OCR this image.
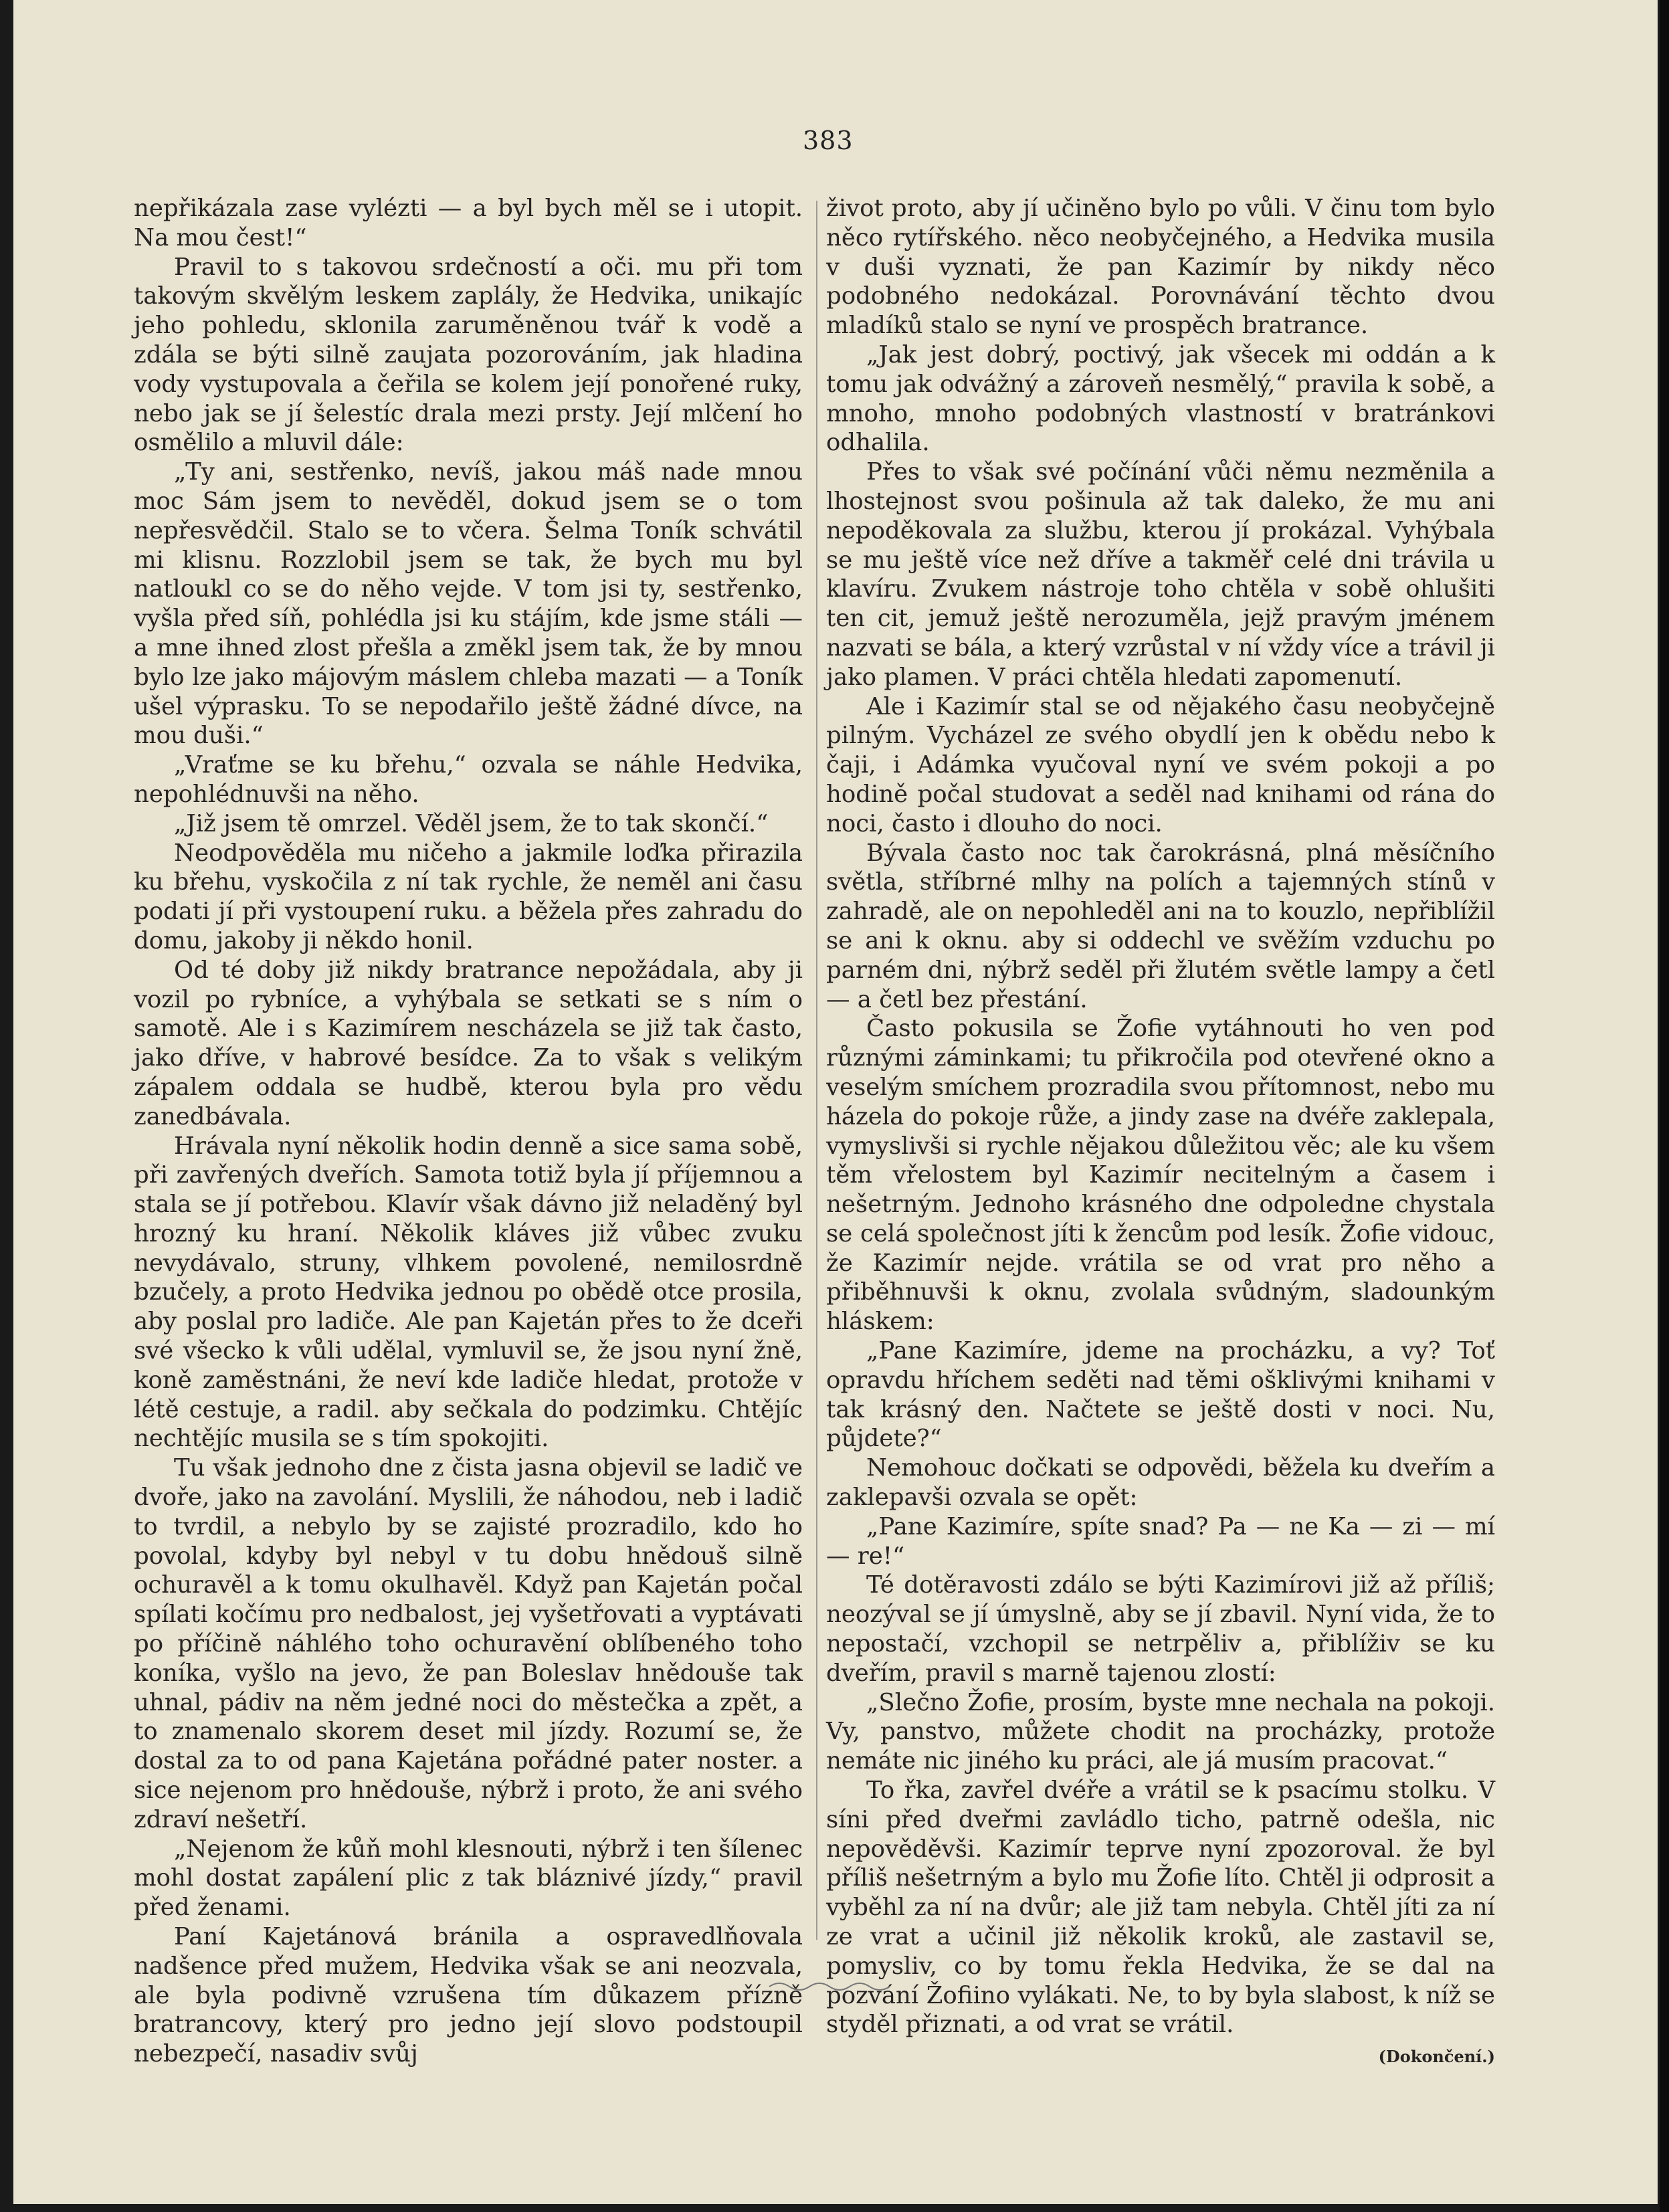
383

nepřikázala zase vylézti — a byl bych měl se i utopit. Na mou čest!“

Pravil to s takovou srdečností a oči. mu při tom takovým skvělým leskem zaplály, že Hedvika, unikajíc jeho pohledu, sklonila zaruměněnou tvář k vodě a zdála se býti silně zaujata pozorováním, jak hladina vody vystupovala a čeřila se kolem její ponořené ruky, nebo jak se jí šelestíc drala mezi prsty. Její mlčení ho osmělilo a mluvil dále:

„Ty ani, sestřenko, nevíš, jakou máš nade mnou moc Sám jsem to nevěděl, dokud jsem se o tom nepřesvědčil. Stalo se to včera. Šelma Toník schvátil mi klisnu. Rozzlobil jsem se tak, že bych mu byl natloukl co se do něho vejde. V tom jsi ty, sestřenko, vyšla před síň, pohlédla jsi ku stájím, kde jsme stáli — a mne ihned zlost přešla a změkl jsem tak, že by mnou bylo lze jako májovým máslem chleba mazati — a Toník ušel výprasku. To se nepodařilo ještě žádné dívce, na mou duši.“

„Vraťme se ku břehu,“ ozvala se náhle Hedvika, nepohlédnuvši na něho.

„Již jsem tě omrzel. Věděl jsem, že to tak skončí.“

Neodpověděla mu ničeho a jakmile loďka přirazila ku břehu, vyskočila z ní tak rychle, že neměl ani času podati jí při vystoupení ruku. a běžela přes zahradu do domu, jakoby ji někdo honil.

Od té doby již nikdy bratrance nepožádala, aby ji vozil po rybníce, a vyhýbala se setkati se s ním o samotě. Ale i s Kazimírem nescházela se již tak často, jako dříve, v habrové besídce. Za to však s velikým zápalem oddala se hudbě, kterou byla pro vědu zanedbávala.

Hrávala nyní několik hodin denně a sice sama sobě, při zavřených dveřích. Samota totiž byla jí příjemnou a stala se jí potřebou. Klavír však dávno již neladěný byl hrozný ku hraní. Několik kláves již vůbec zvuku nevydávalo, struny, vlhkem povolené, nemilosrdně bzučely, a proto Hedvika jednou po obědě otce prosila, aby poslal pro ladiče. Ale pan Kajetán přes to že dceři své všecko k vůli udělal, vymluvil se, že jsou nyní žně, koně zaměstnáni, že neví kde ladiče hledat, protože v létě cestuje, a radil. aby sečkala do podzimku. Chtějíc nechtějíc musila se s tím spokojiti.

Tu však jednoho dne z čista jasna objevil se ladič ve dvoře, jako na zavolání. Myslili, že náhodou, neb i ladič to tvrdil, a nebylo by se zajisté prozradilo, kdo ho povolal, kdyby byl nebyl v tu dobu hnědouš silně ochuravěl a k tomu okulhavěl. Když pan Kajetán počal spílati kočímu pro nedbalost, jej vyšetřovati a vyptávati po příčině náhlého toho ochuravění oblíbeného toho koníka, vyšlo na jevo, že pan Boleslav hnědouše tak uhnal, pádiv na něm jedné noci do městečka a zpět, a to znamenalo skorem deset mil jízdy. Rozumí se, že dostal za to od pana Kajetána pořádné pater noster. a sice nejenom pro hnědouše, nýbrž i proto, že ani svého zdraví nešetří.

„Nejenom že kůň mohl klesnouti, nýbrž i ten šílenec mohl dostat zapálení plic z tak bláznivé jízdy,“ pravil před ženami.

Paní Kajetánová bránila a ospravedlňovala nadšence před mužem, Hedvika však se ani neozvala, ale byla podivně vzrušena tím důkazem přízně bratrancovy, který pro jedno její slovo podstoupil nebezpečí, nasadiv svůj

život proto, aby jí učiněno bylo po vůli. V činu tom bylo něco rytířského. něco neobyčejného, a Hedvika musila v duši vyznati, že pan Kazimír by nikdy něco podobného nedokázal. Porovnávání těchto dvou mladíků stalo se nyní ve prospěch bratrance.

„Jak jest dobrý, poctivý, jak všecek mi oddán a k tomu jak odvážný a zároveň nesmělý,“ pravila k sobě, a mnoho, mnoho podobných vlastností v bratránkovi odhalila.

Přes to však své počínání vůči němu nezměnila a lhostejnost svou pošinula až tak daleko, že mu ani nepoděkovala za službu, kterou jí prokázal. Vyhýbala se mu ještě více než dříve a takměř celé dni trávila u klavíru. Zvukem nástroje toho chtěla v sobě ohlušiti ten cit, jemuž ještě nerozuměla, jejž pravým jménem nazvati se bála, a který vzrůstal v ní vždy více a trávil ji jako plamen. V práci chtěla hledati zapomenutí.

Ale i Kazimír stal se od nějakého času neobyčejně pilným. Vycházel ze svého obydlí jen k obědu nebo k čaji, i Adámka vyučoval nyní ve svém pokoji a po hodině počal studovat a seděl nad knihami od rána do noci, často i dlouho do noci.

Bývala často noc tak čarokrásná, plná měsíčního světla, stříbrné mlhy na polích a tajemných stínů v zahradě, ale on nepohleděl ani na to kouzlo, nepřiblížil se ani k oknu. aby si oddechl ve svěžím vzduchu po parném dni, nýbrž seděl při žlutém světle lampy a četl — a četl bez přestání.

Často pokusila se Žofie vytáhnouti ho ven pod různými záminkami; tu přikročila pod otevřené okno a veselým smíchem prozradila svou přítomnost, nebo mu házela do pokoje růže, a jindy zase na dvéře zaklepala, vymyslivši si rychle nějakou důležitou věc; ale ku všem těm vřelostem byl Kazimír necitelným a časem i nešetrným. Jednoho krásného dne odpoledne chystala se celá společnost jíti k žencům pod lesík. Žofie vidouc, že Kazimír nejde. vrátila se od vrat pro něho a přiběhnuvši k oknu, zvolala svůdným, sladounkým hláskem:

„Pane Kazimíre, jdeme na procházku, a vy? Toť opravdu hříchem seděti nad těmi ošklivými knihami v tak krásný den. Načtete se ještě dosti v noci. Nu, půjdete?“

Nemohouc dočkati se odpovědi, běžela ku dveřím a zaklepavši ozvala se opět:

„Pane Kazimíre, spíte snad? Pa — ne Ka — zi — mí — re!“

Té dotěravosti zdálo se býti Kazimírovi již až příliš; neozýval se jí úmyslně, aby se jí zbavil. Nyní vida, že to nepostačí, vzchopil se netrpěliv a, přiblíživ se ku dveřím, pravil s marně tajenou zlostí:

„Slečno Žofie, prosím, byste mne nechala na pokoji. Vy, panstvo, můžete chodit na procházky, protože nemáte nic jiného ku práci, ale já musím pracovat.“

To řka, zavřel dvéře a vrátil se k psacímu stolku. V síni před dveřmi zavládlo ticho, patrně odešla, nic nepověděvši. Kazimír teprve nyní zpozoroval. že byl příliš nešetrným a bylo mu Žofie líto. Chtěl ji odprosit a vyběhl za ní na dvůr; ale již tam nebyla. Chtěl jíti za ní ze vrat a učinil již několik kroků, ale zastavil se, pomysliv, co by tomu řekla Hedvika, že se dal na pozvání Žofiino vylákati. Ne, to by byla slabost, k níž se styděl přiznati, a od vrat se vrátil.

(Dokončení.)
